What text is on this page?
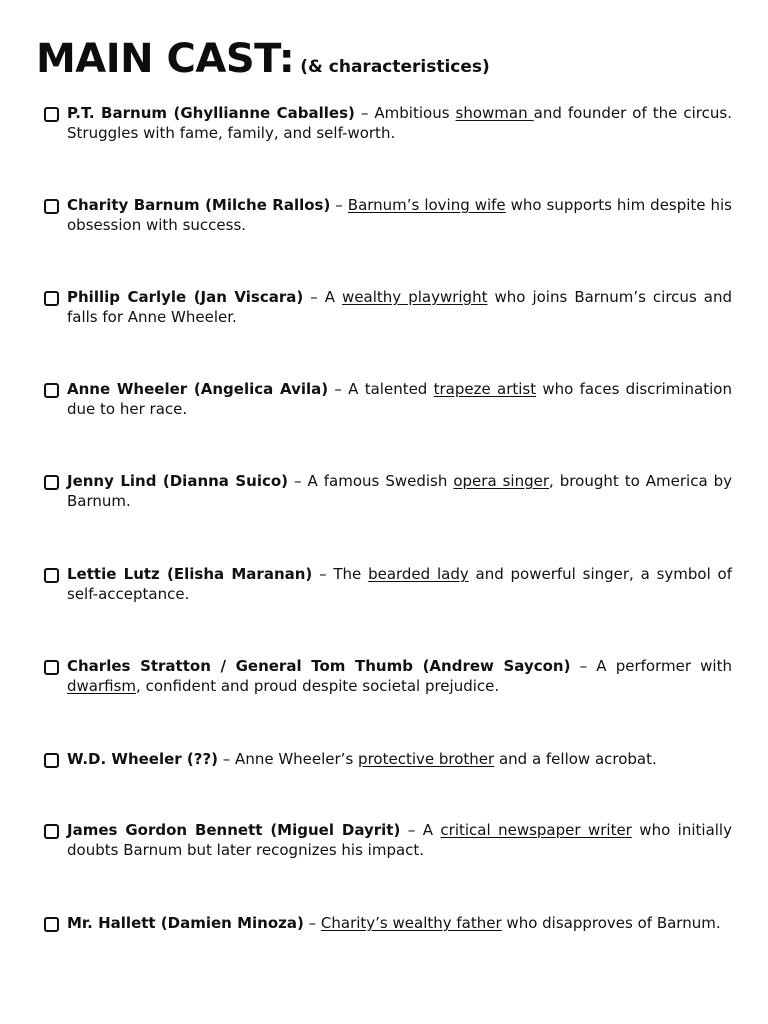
MAIN CAST: (& characteristices)
P.T. Barnum (Ghyllianne Caballes) – Ambitious showman and founder of the circus. Struggles with fame, family, and self-worth.
Charity Barnum (Milche Rallos) – Barnum’s loving wife who supports him despite his obsession with success.
Phillip Carlyle (Jan Viscara) – A wealthy playwright who joins Barnum’s circus and falls for Anne Wheeler.
Anne Wheeler (Angelica Avila) – A talented trapeze artist who faces discrimination due to her race.
Jenny Lind (Dianna Suico) – A famous Swedish opera singer, brought to America by Barnum.
Lettie Lutz (Elisha Maranan) – The bearded lady and powerful singer, a symbol of self-acceptance.
Charles Stratton / General Tom Thumb (Andrew Saycon) – A performer with dwarfism, confident and proud despite societal prejudice.
W.D. Wheeler (??) – Anne Wheeler’s protective brother and a fellow acrobat.
James Gordon Bennett (Miguel Dayrit) – A critical newspaper writer who initially doubts Barnum but later recognizes his impact.
Mr. Hallett (Damien Minoza) – Charity’s wealthy father who disapproves of Barnum.
